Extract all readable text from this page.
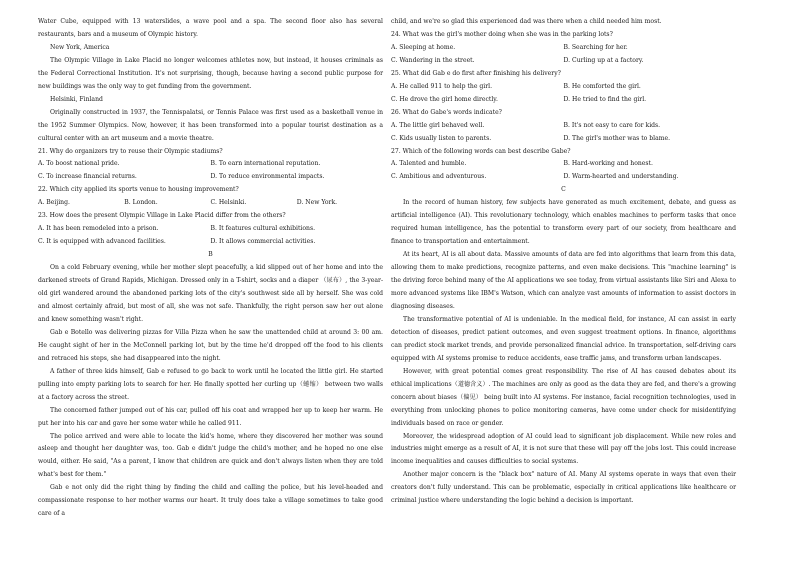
Water Cube, equipped with 13 waterslides, a wave pool and a spa. The second floor also has several restaurants, bars and a museum of Olympic history.

New York, America

The Olympic Village in Lake Placid no longer welcomes athletes now, but instead, it houses criminals as the Federal Correctional Institution. It's not surprising, though, because having a second public purpose for new buildings was the only way to get funding from the government.

Helsinki, Finland

Originally constructed in 1937, the Tennispalatsi, or Tennis Palace was first used as a basketball venue in the 1952 Summer Olympics. Now, however, it has been transformed into a popular tourist destination as a cultural center with an art museum and a movie theatre.

21. Why do organizers try to reuse their Olympic stadiums?

A. To boost national pride.	B. To earn international reputation.
C. To increase financial returns.	D. To reduce environmental impacts.

22. Which city applied its sports venue to housing improvement?

A. Beijing.	B. London.	C. Helsinki.	D. New York.

23. How does the present Olympic Village in Lake Placid differ from the others?

A. It has been remodeled into a prison.	B. It features cultural exhibitions.
C. It is equipped with advanced facilities.	D. It allows commercial activities.

B

On a cold February evening, while her mother slept peacefully, a kid slipped out of her home and into the darkened streets of Grand Rapids, Michigan. Dressed only in a T-shirt, socks and a diaper （尿布）, the 3-year-old girl wandered around the abandoned parking lots of the city's southwest side all by herself. She was cold and almost certainly afraid, but most of all, she was not safe. Thankfully, the right person saw her out alone and knew something wasn't right.

Gab e Botello was delivering pizzas for Villa Pizza when he saw the unattended child at around 3: 00 am. He caught sight of her in the McConnell parking lot, but by the time he'd dropped off the food to his clients and retraced his steps, she had disappeared into the night.

A father of three kids himself, Gab e refused to go back to work until he located the little girl. He started pulling into empty parking lots to search for her. He finally spotted her curling up（蜷缩） between two walls at a factory across the street.

The concerned father jumped out of his car, pulled off his coat and wrapped her up to keep her warm. He put her into his car and gave her some water while he called 911.

The police arrived and were able to locate the kid's home, where they discovered her mother was sound asleep and thought her daughter was, too. Gab e didn't judge the child's mother, and he hoped no one else would, either. He said, "As a parent, I know that children are quick and don't always listen when they are told what's best for them."

Gab e not only did the right thing by finding the child and calling the police, but his level-headed and compassionate response to her mother warms our heart. It truly does take a village sometimes to take good care of a

child, and we're so glad this experienced dad was there when a child needed him most.

24. What was the girl's mother doing when she was in the parking lots?

A. Sleeping at home.	B. Searching for her.
C. Wandering in the street.	D. Curling up at a factory.

25. What did Gab e do first after finishing his delivery?

A. He called 911 to help the girl.	B. He comforted the girl.
C. He drove the girl home directly.	D. He tried to find the girl.

26. What do Gabe's words indicate?

A. The little girl behaved well.	B. It's not easy to care for kids.
C. Kids usually listen to parents.	D. The girl's mother was to blame.

27. Which of the following words can best describe Gabe?

A. Talented and humble.	B. Hard-working and honest.
C. Ambitious and adventurous.	D. Warm-hearted and understanding.

C

In the record of human history, few subjects have generated as much excitement, debate, and guess as artificial intelligence (AI). This revolutionary technology, which enables machines to perform tasks that once required human intelligence, has the potential to transform every part of our society, from healthcare and finance to transportation and entertainment.

At its heart, AI is all about data. Massive amounts of data are fed into algorithms that learn from this data, allowing them to make predictions, recognize patterns, and even make decisions. This "machine learning" is the driving force behind many of the AI applications we see today, from virtual assistants like Siri and Alexa to more advanced systems like IBM's Watson, which can analyze vast amounts of information to assist doctors in diagnosing diseases.

The transformative potential of AI is undeniable. In the medical field, for instance, AI can assist in early detection of diseases, predict patient outcomes, and even suggest treatment options. In finance, algorithms can predict stock market trends, and provide personalized financial advice. In transportation, self-driving cars equipped with AI systems promise to reduce accidents, ease traffic jams, and transform urban landscapes.

However, with great potential comes great responsibility. The rise of AI has caused debates about its ethical implications（道德含义）. The machines are only as good as the data they are fed, and there's a growing concern about biases（偏见） being built into AI systems. For instance, facial recognition technologies, used in everything from unlocking phones to police monitoring cameras, have come under check for misidentifying individuals based on race or gender.

Moreover, the widespread adoption of AI could lead to significant job displacement. While new roles and industries might emerge as a result of AI, it is not sure that these will pay off the jobs lost. This could increase income inequalities and causes difficulties to social systems.

Another major concern is the "black box" nature of AI. Many AI systems operate in ways that even their creators don't fully understand. This can be problematic, especially in critical applications like healthcare or criminal justice where understanding the logic behind a decision is important.
